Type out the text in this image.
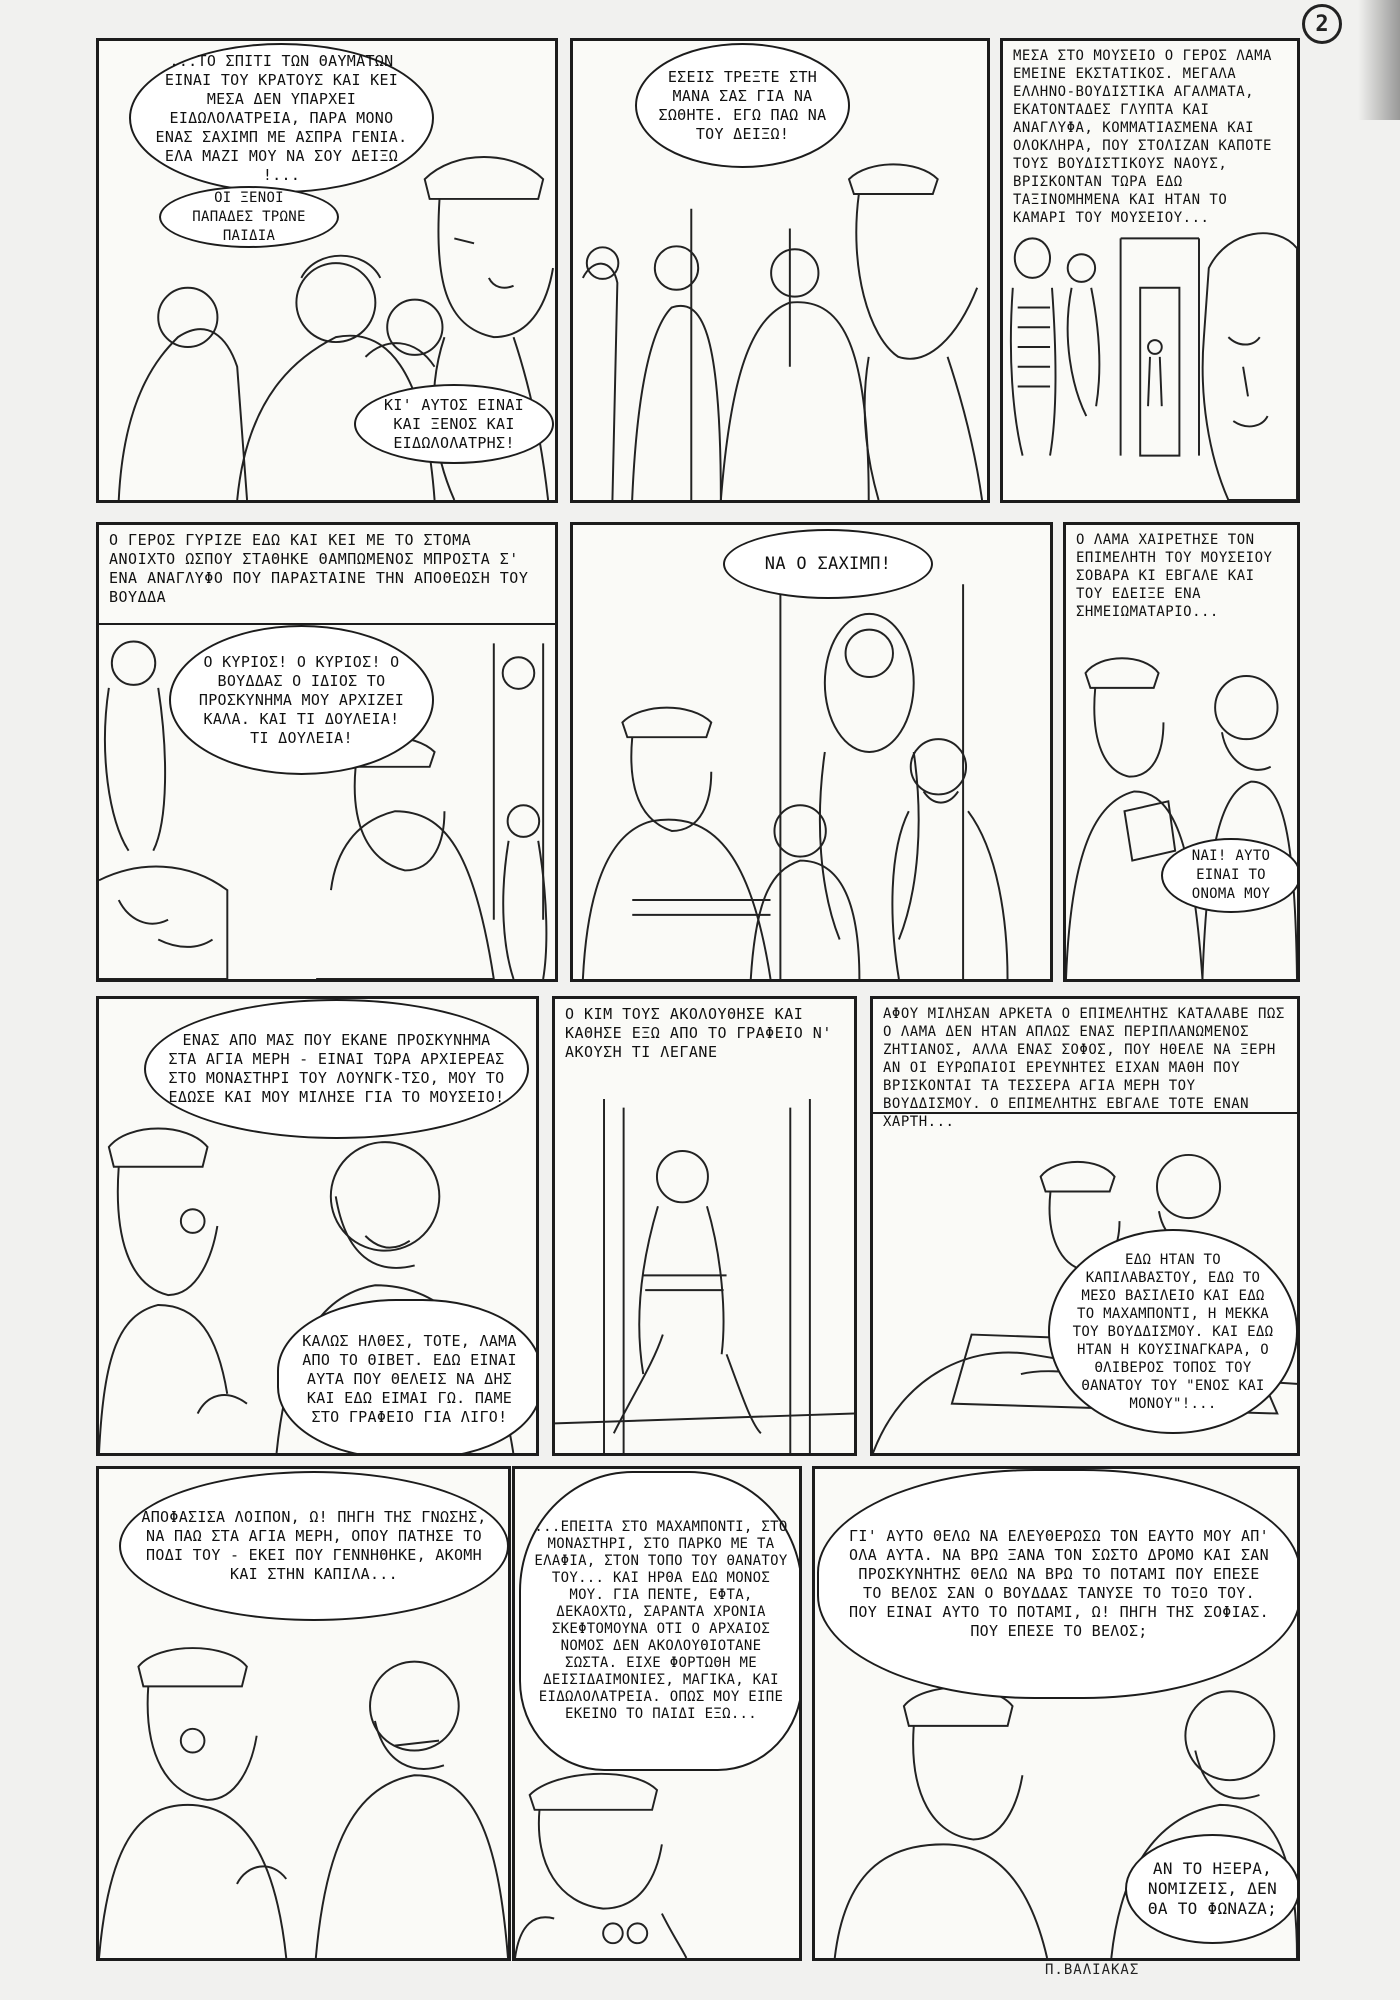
2
...ΤΟ ΣΠΙΤΙ ΤΩΝ ΘΑΥΜΑΤΩΝ ΕΙΝΑΙ ΤΟΥ ΚΡΑΤΟΥΣ ΚΑΙ ΚΕΙ ΜΕΣΑ ΔΕΝ ΥΠΑΡΧΕΙ ΕΙΔΩΛΟΛΑΤΡΕΙΑ, ΠΑΡΑ ΜΟΝΟ ΕΝΑΣ ΣΑΧΙΜΠ ΜΕ ΑΣΠΡΑ ΓΕΝΙΑ. ΕΛΑ ΜΑΖΙ ΜΟΥ ΝΑ ΣΟΥ ΔΕΙΞΩ !...
ΟΙ ΞΕΝΟΙ ΠΑΠΑΔΕΣ ΤΡΩΝΕ ΠΑΙΔΙΑ
ΚΙ' ΑΥΤΟΣ ΕΙΝΑΙ ΚΑΙ ΞΕΝΟΣ ΚΑΙ ΕΙΔΩΛΟΛΑΤΡΗΣ!
ΕΣΕΙΣ ΤΡΕΞΤΕ ΣΤΗ ΜΑΝΑ ΣΑΣ ΓΙΑ ΝΑ ΣΩΘΗΤΕ. ΕΓΩ ΠΑΩ ΝΑ ΤΟΥ ΔΕΙΞΩ!
ΜΕΣΑ ΣΤΟ ΜΟΥΣΕΙΟ Ο ΓΕΡΟΣ ΛΑΜΑ ΕΜΕΙΝΕ ΕΚΣΤΑΤΙΚΟΣ. ΜΕΓΑΛΑ ΕΛΛΗΝΟ-ΒΟΥΔΙΣΤΙΚΑ ΑΓΑΛΜΑΤΑ, ΕΚΑΤΟΝΤΑΔΕΣ ΓΛΥΠΤΑ ΚΑΙ ΑΝΑΓΛΥΦΑ, ΚΟΜΜΑΤΙΑΣΜΕΝΑ ΚΑΙ ΟΛΟΚΛΗΡΑ, ΠΟΥ ΣΤΟΛΙΖΑΝ ΚΑΠΟΤΕ ΤΟΥΣ ΒΟΥΔΙΣΤΙΚΟΥΣ ΝΑΟΥΣ, ΒΡΙΣΚΟΝΤΑΝ ΤΩΡΑ ΕΔΩ ΤΑΞΙΝΟΜΗΜΕΝΑ ΚΑΙ ΗΤΑΝ ΤΟ ΚΑΜΑΡΙ ΤΟΥ ΜΟΥΣΕΙΟΥ...
Ο ΓΕΡΟΣ ΓΥΡΙΖΕ ΕΔΩ ΚΑΙ ΚΕΙ ΜΕ ΤΟ ΣΤΟΜΑ ΑΝΟΙΧΤΟ ΩΣΠΟΥ ΣΤΑΘΗΚΕ ΘΑΜΠΩΜΕΝΟΣ ΜΠΡΟΣΤΑ Σ' ΕΝΑ ΑΝΑΓΛΥΦΟ ΠΟΥ ΠΑΡΑΣΤΑΙΝΕ ΤΗΝ ΑΠΟΘΕΩΣΗ ΤΟΥ ΒΟΥΔΔΑ
Ο ΚΥΡΙΟΣ! Ο ΚΥΡΙΟΣ! Ο ΒΟΥΔΔΑΣ Ο ΙΔΙΟΣ ΤΟ ΠΡΟΣΚΥΝΗΜΑ ΜΟΥ ΑΡΧΙΖΕΙ ΚΑΛΑ. ΚΑΙ ΤΙ ΔΟΥΛΕΙΑ! ΤΙ ΔΟΥΛΕΙΑ!
ΝΑ Ο ΣΑΧΙΜΠ!
Ο ΛΑΜΑ ΧΑΙΡΕΤΗΣΕ ΤΟΝ ΕΠΙΜΕΛΗΤΗ ΤΟΥ ΜΟΥΣΕΙΟΥ ΣΟΒΑΡΑ ΚΙ ΕΒΓΑΛΕ ΚΑΙ ΤΟΥ ΕΔΕΙΞΕ ΕΝΑ ΣΗΜΕΙΩΜΑΤΑΡΙΟ...
ΝΑΙ! ΑΥΤΟ ΕΙΝΑΙ ΤΟ ΟΝΟΜΑ ΜΟΥ
ΕΝΑΣ ΑΠΟ ΜΑΣ ΠΟΥ ΕΚΑΝΕ ΠΡΟΣΚΥΝΗΜΑ ΣΤΑ ΑΓΙΑ ΜΕΡΗ - ΕΙΝΑΙ ΤΩΡΑ ΑΡΧΙΕΡΕΑΣ ΣΤΟ ΜΟΝΑΣΤΗΡΙ ΤΟΥ ΛΟΥΝΓΚ-ΤΣΟ, ΜΟΥ ΤΟ ΕΔΩΣΕ ΚΑΙ ΜΟΥ ΜΙΛΗΣΕ ΓΙΑ ΤΟ ΜΟΥΣΕΙΟ!
ΚΑΛΩΣ ΗΛΘΕΣ, ΤΟΤΕ, ΛΑΜΑ ΑΠΟ ΤΟ ΘΙΒΕΤ. ΕΔΩ ΕΙΝΑΙ ΑΥΤΑ ΠΟΥ ΘΕΛΕΙΣ ΝΑ ΔΗΣ ΚΑΙ ΕΔΩ ΕΙΜΑΙ ΓΩ. ΠΑΜΕ ΣΤΟ ΓΡΑΦΕΙΟ ΓΙΑ ΛΙΓΟ!
Ο ΚΙΜ ΤΟΥΣ ΑΚΟΛΟΥΘΗΣΕ ΚΑΙ ΚΑΘΗΣΕ ΕΞΩ ΑΠΟ ΤΟ ΓΡΑΦΕΙΟ Ν' ΑΚΟΥΣΗ ΤΙ ΛΕΓΑΝΕ
ΑΦΟΥ ΜΙΛΗΣΑΝ ΑΡΚΕΤΑ Ο ΕΠΙΜΕΛΗΤΗΣ ΚΑΤΑΛΑΒΕ ΠΩΣ Ο ΛΑΜΑ ΔΕΝ ΗΤΑΝ ΑΠΛΩΣ ΕΝΑΣ ΠΕΡΙΠΛΑΝΩΜΕΝΟΣ ΖΗΤΙΑΝΟΣ, ΑΛΛΑ ΕΝΑΣ ΣΟΦΟΣ, ΠΟΥ ΗΘΕΛΕ ΝΑ ΞΕΡΗ ΑΝ ΟΙ ΕΥΡΩΠΑΙΟΙ ΕΡΕΥΝΗΤΕΣ ΕΙΧΑΝ ΜΑΘΗ ΠΟΥ ΒΡΙΣΚΟΝΤΑΙ ΤΑ ΤΕΣΣΕΡΑ ΑΓΙΑ ΜΕΡΗ ΤΟΥ ΒΟΥΔΔΙΣΜΟΥ. Ο ΕΠΙΜΕΛΗΤΗΣ ΕΒΓΑΛΕ ΤΟΤΕ ΕΝΑΝ ΧΑΡΤΗ...
ΕΔΩ ΗΤΑΝ ΤΟ ΚΑΠΙΛΑΒΑΣΤΟΥ, ΕΔΩ ΤΟ ΜΕΣΟ ΒΑΣΙΛΕΙΟ ΚΑΙ ΕΔΩ ΤΟ ΜΑΧΑΜΠΟΝΤΙ, Η ΜΕΚΚΑ ΤΟΥ ΒΟΥΔΔΙΣΜΟΥ. ΚΑΙ ΕΔΩ ΗΤΑΝ Η ΚΟΥΣΙΝΑΓΚΑΡΑ, Ο ΘΛΙΒΕΡΟΣ ΤΟΠΟΣ ΤΟΥ ΘΑΝΑΤΟΥ ΤΟΥ "ΕΝΟΣ ΚΑΙ ΜΟΝΟΥ"!...
ΑΠΟΦΑΣΙΣΑ ΛΟΙΠΟΝ, Ω! ΠΗΓΗ ΤΗΣ ΓΝΩΣΗΣ, ΝΑ ΠΑΩ ΣΤΑ ΑΓΙΑ ΜΕΡΗ, ΟΠΟΥ ΠΑΤΗΣΕ ΤΟ ΠΟΔΙ ΤΟΥ - ΕΚΕΙ ΠΟΥ ΓΕΝΝΗΘΗΚΕ, ΑΚΟΜΗ ΚΑΙ ΣΤΗΝ ΚΑΠΙΛΑ...
...ΕΠΕΙΤΑ ΣΤΟ ΜΑΧΑΜΠΟΝΤΙ, ΣΤΟ ΜΟΝΑΣΤΗΡΙ, ΣΤΟ ΠΑΡΚΟ ΜΕ ΤΑ ΕΛΑΦΙΑ, ΣΤΟΝ ΤΟΠΟ ΤΟΥ ΘΑΝΑΤΟΥ ΤΟΥ... ΚΑΙ ΗΡΘΑ ΕΔΩ ΜΟΝΟΣ ΜΟΥ. ΓΙΑ ΠΕΝΤΕ, ΕΦΤΑ, ΔΕΚΑΟΧΤΩ, ΣΑΡΑΝΤΑ ΧΡΟΝΙΑ ΣΚΕΦΤΟΜΟΥΝΑ ΟΤΙ Ο ΑΡΧΑΙΟΣ ΝΟΜΟΣ ΔΕΝ ΑΚΟΛΟΥΘΙΟΤΑΝΕ ΣΩΣΤΑ. ΕΙΧΕ ΦΟΡΤΩΘΗ ΜΕ ΔΕΙΣΙΔΑΙΜΟΝΙΕΣ, ΜΑΓΙΚΑ, ΚΑΙ ΕΙΔΩΛΟΛΑΤΡΕΙΑ. ΟΠΩΣ ΜΟΥ ΕΙΠΕ ΕΚΕΙΝΟ ΤΟ ΠΑΙΔΙ ΕΞΩ...
ΓΙ' ΑΥΤΟ ΘΕΛΩ ΝΑ ΕΛΕΥΘΕΡΩΣΩ ΤΟΝ ΕΑΥΤΟ ΜΟΥ ΑΠ' ΟΛΑ ΑΥΤΑ. ΝΑ ΒΡΩ ΞΑΝΑ ΤΟΝ ΣΩΣΤΟ ΔΡΟΜΟ ΚΑΙ ΣΑΝ ΠΡΟΣΚΥΝΗΤΗΣ ΘΕΛΩ ΝΑ ΒΡΩ ΤΟ ΠΟΤΑΜΙ ΠΟΥ ΕΠΕΣΕ ΤΟ ΒΕΛΟΣ ΣΑΝ Ο ΒΟΥΔΔΑΣ ΤΑΝΥΣΕ ΤΟ ΤΟΞΟ ΤΟΥ. ΠΟΥ ΕΙΝΑΙ ΑΥΤΟ ΤΟ ΠΟΤΑΜΙ, Ω! ΠΗΓΗ ΤΗΣ ΣΟΦΙΑΣ. ΠΟΥ ΕΠΕΣΕ ΤΟ ΒΕΛΟΣ;
ΑΝ ΤΟ ΗΞΕΡΑ, ΝΟΜΙΖΕΙΣ, ΔΕΝ ΘΑ ΤΟ ΦΩΝΑΖΑ;
Π.ΒΑΛΙΑΚΑΣ
